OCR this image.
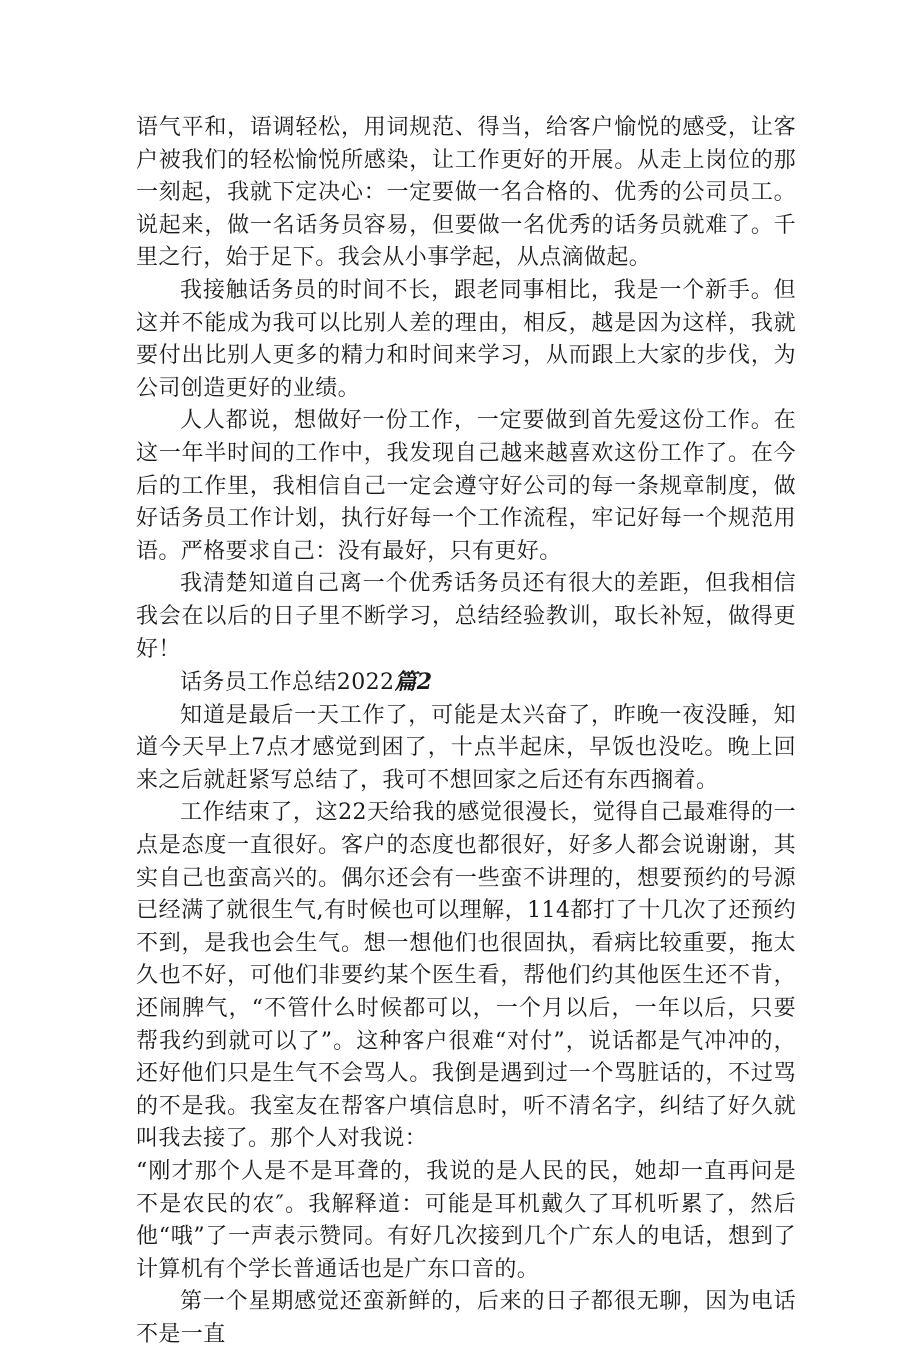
语气平和，语调轻松，用词规范、得当，给客户愉悦的感受，让客户被我们的轻松愉悦所感染，让工作更好的开展。从走上岗位的那一刻起，我就下定决心：一定要做一名合格的、优秀的公司员工。说起来，做一名话务员容易，但要做一名优秀的话务员就难了。千里之行，始于足下。我会从小事学起，从点滴做起。

我接触话务员的时间不长，跟老同事相比，我是一个新手。但这并不能成为我可以比别人差的理由，相反，越是因为这样，我就要付出比别人更多的精力和时间来学习，从而跟上大家的步伐，为公司创造更好的业绩。

人人都说，想做好一份工作，一定要做到首先爱这份工作。在这一年半时间的工作中，我发现自己越来越喜欢这份工作了。在今后的工作里，我相信自己一定会遵守好公司的每一条规章制度，做好话务员工作计划，执行好每一个工作流程，牢记好每一个规范用语。严格要求自己：没有最好，只有更好。

我清楚知道自己离一个优秀话务员还有很大的差距，但我相信我会在以后的日子里不断学习，总结经验教训，取长补短，做得更好！

话务员工作总结2022篇2

知道是最后一天工作了，可能是太兴奋了，昨晚一夜没睡，知道今天早上7点才感觉到困了，十点半起床，早饭也没吃。晚上回来之后就赶紧写总结了，我可不想回家之后还有东西搁着。

工作结束了，这22天给我的感觉很漫长，觉得自己最难得的一点是态度一直很好。客户的态度也都很好，好多人都会说谢谢，其实自己也蛮高兴的。偶尔还会有一些蛮不讲理的，想要预约的号源已经满了就很生气,有时候也可以理解，114都打了十几次了还预约不到，是我也会生气。想一想他们也很固执，看病比较重要，拖太久也不好，可他们非要约某个医生看，帮他们约其他医生还不肯，还闹脾气，“不管什么时候都可以，一个月以后，一年以后，只要帮我约到就可以了”。这种客户很难“对付”，说话都是气冲冲的，还好他们只是生气不会骂人。我倒是遇到过一个骂脏话的，不过骂的不是我。我室友在帮客户填信息时，听不清名字，纠结了好久就叫我去接了。那个人对我说：

“刚才那个人是不是耳聋的，我说的是人民的民，她却一直再问是不是农民的农″。我解释道：可能是耳机戴久了耳机听累了，然后他“哦”了一声表示赞同。有好几次接到几个广东人的电话，想到了计算机有个学长普通话也是广东口音的。

第一个星期感觉还蛮新鲜的，后来的日子都很无聊，因为电话不是一直
